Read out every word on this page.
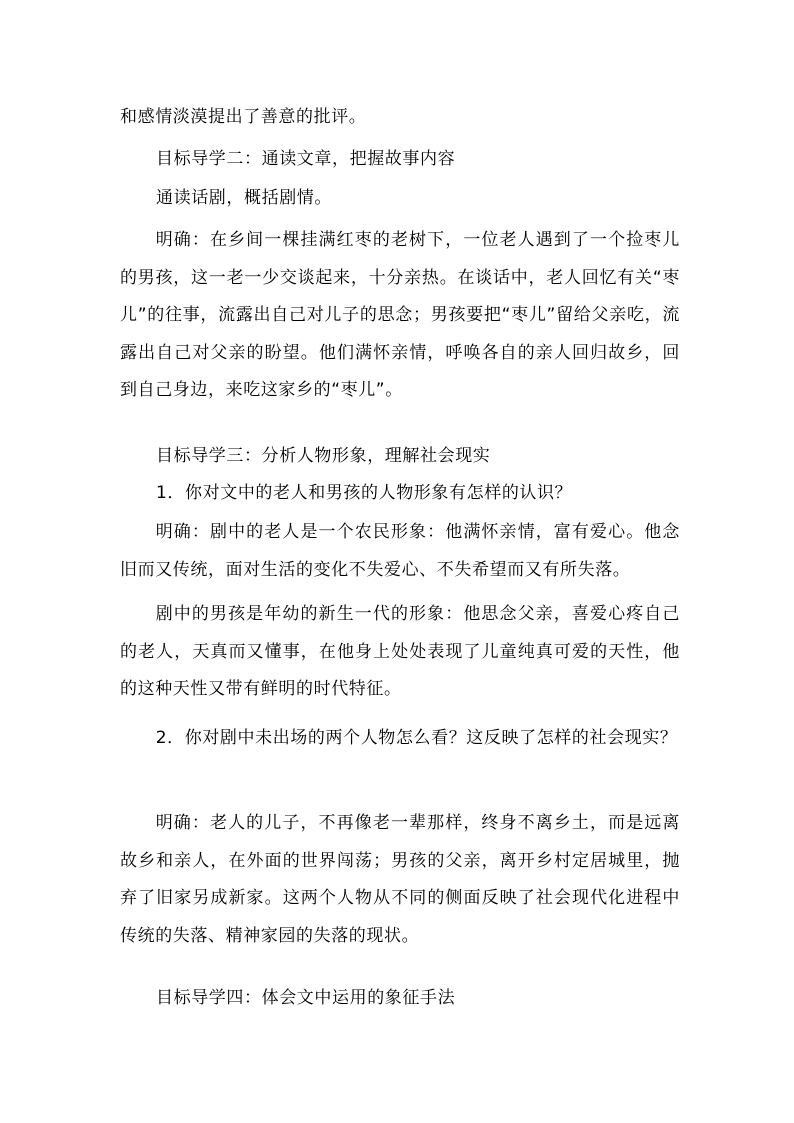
和感情淡漠提出了善意的批评。
目标导学二：通读文章，把握故事内容
通读话剧，概括剧情。
明确：在乡间一棵挂满红枣的老树下，一位老人遇到了一个捡枣儿的男孩，这一老一少交谈起来，十分亲热。在谈话中，老人回忆有关“枣儿”的往事，流露出自己对儿子的思念；男孩要把“枣儿”留给父亲吃，流露出自己对父亲的盼望。他们满怀亲情，呼唤各自的亲人回归故乡，回到自己身边，来吃这家乡的“枣儿”。
目标导学三：分析人物形象，理解社会现实
1．你对文中的老人和男孩的人物形象有怎样的认识？
明确：剧中的老人是一个农民形象：他满怀亲情，富有爱心。他念旧而又传统，面对生活的变化不失爱心、不失希望而又有所失落。
剧中的男孩是年幼的新生一代的形象：他思念父亲，喜爱心疼自己的老人，天真而又懂事，在他身上处处表现了儿童纯真可爱的天性，他的这种天性又带有鲜明的时代特征。
2．你对剧中未出场的两个人物怎么看？这反映了怎样的社会现实？
明确：老人的儿子，不再像老一辈那样，终身不离乡土，而是远离故乡和亲人，在外面的世界闯荡；男孩的父亲，离开乡村定居城里，抛弃了旧家另成新家。这两个人物从不同的侧面反映了社会现代化进程中传统的失落、精神家园的失落的现状。
目标导学四：体会文中运用的象征手法
